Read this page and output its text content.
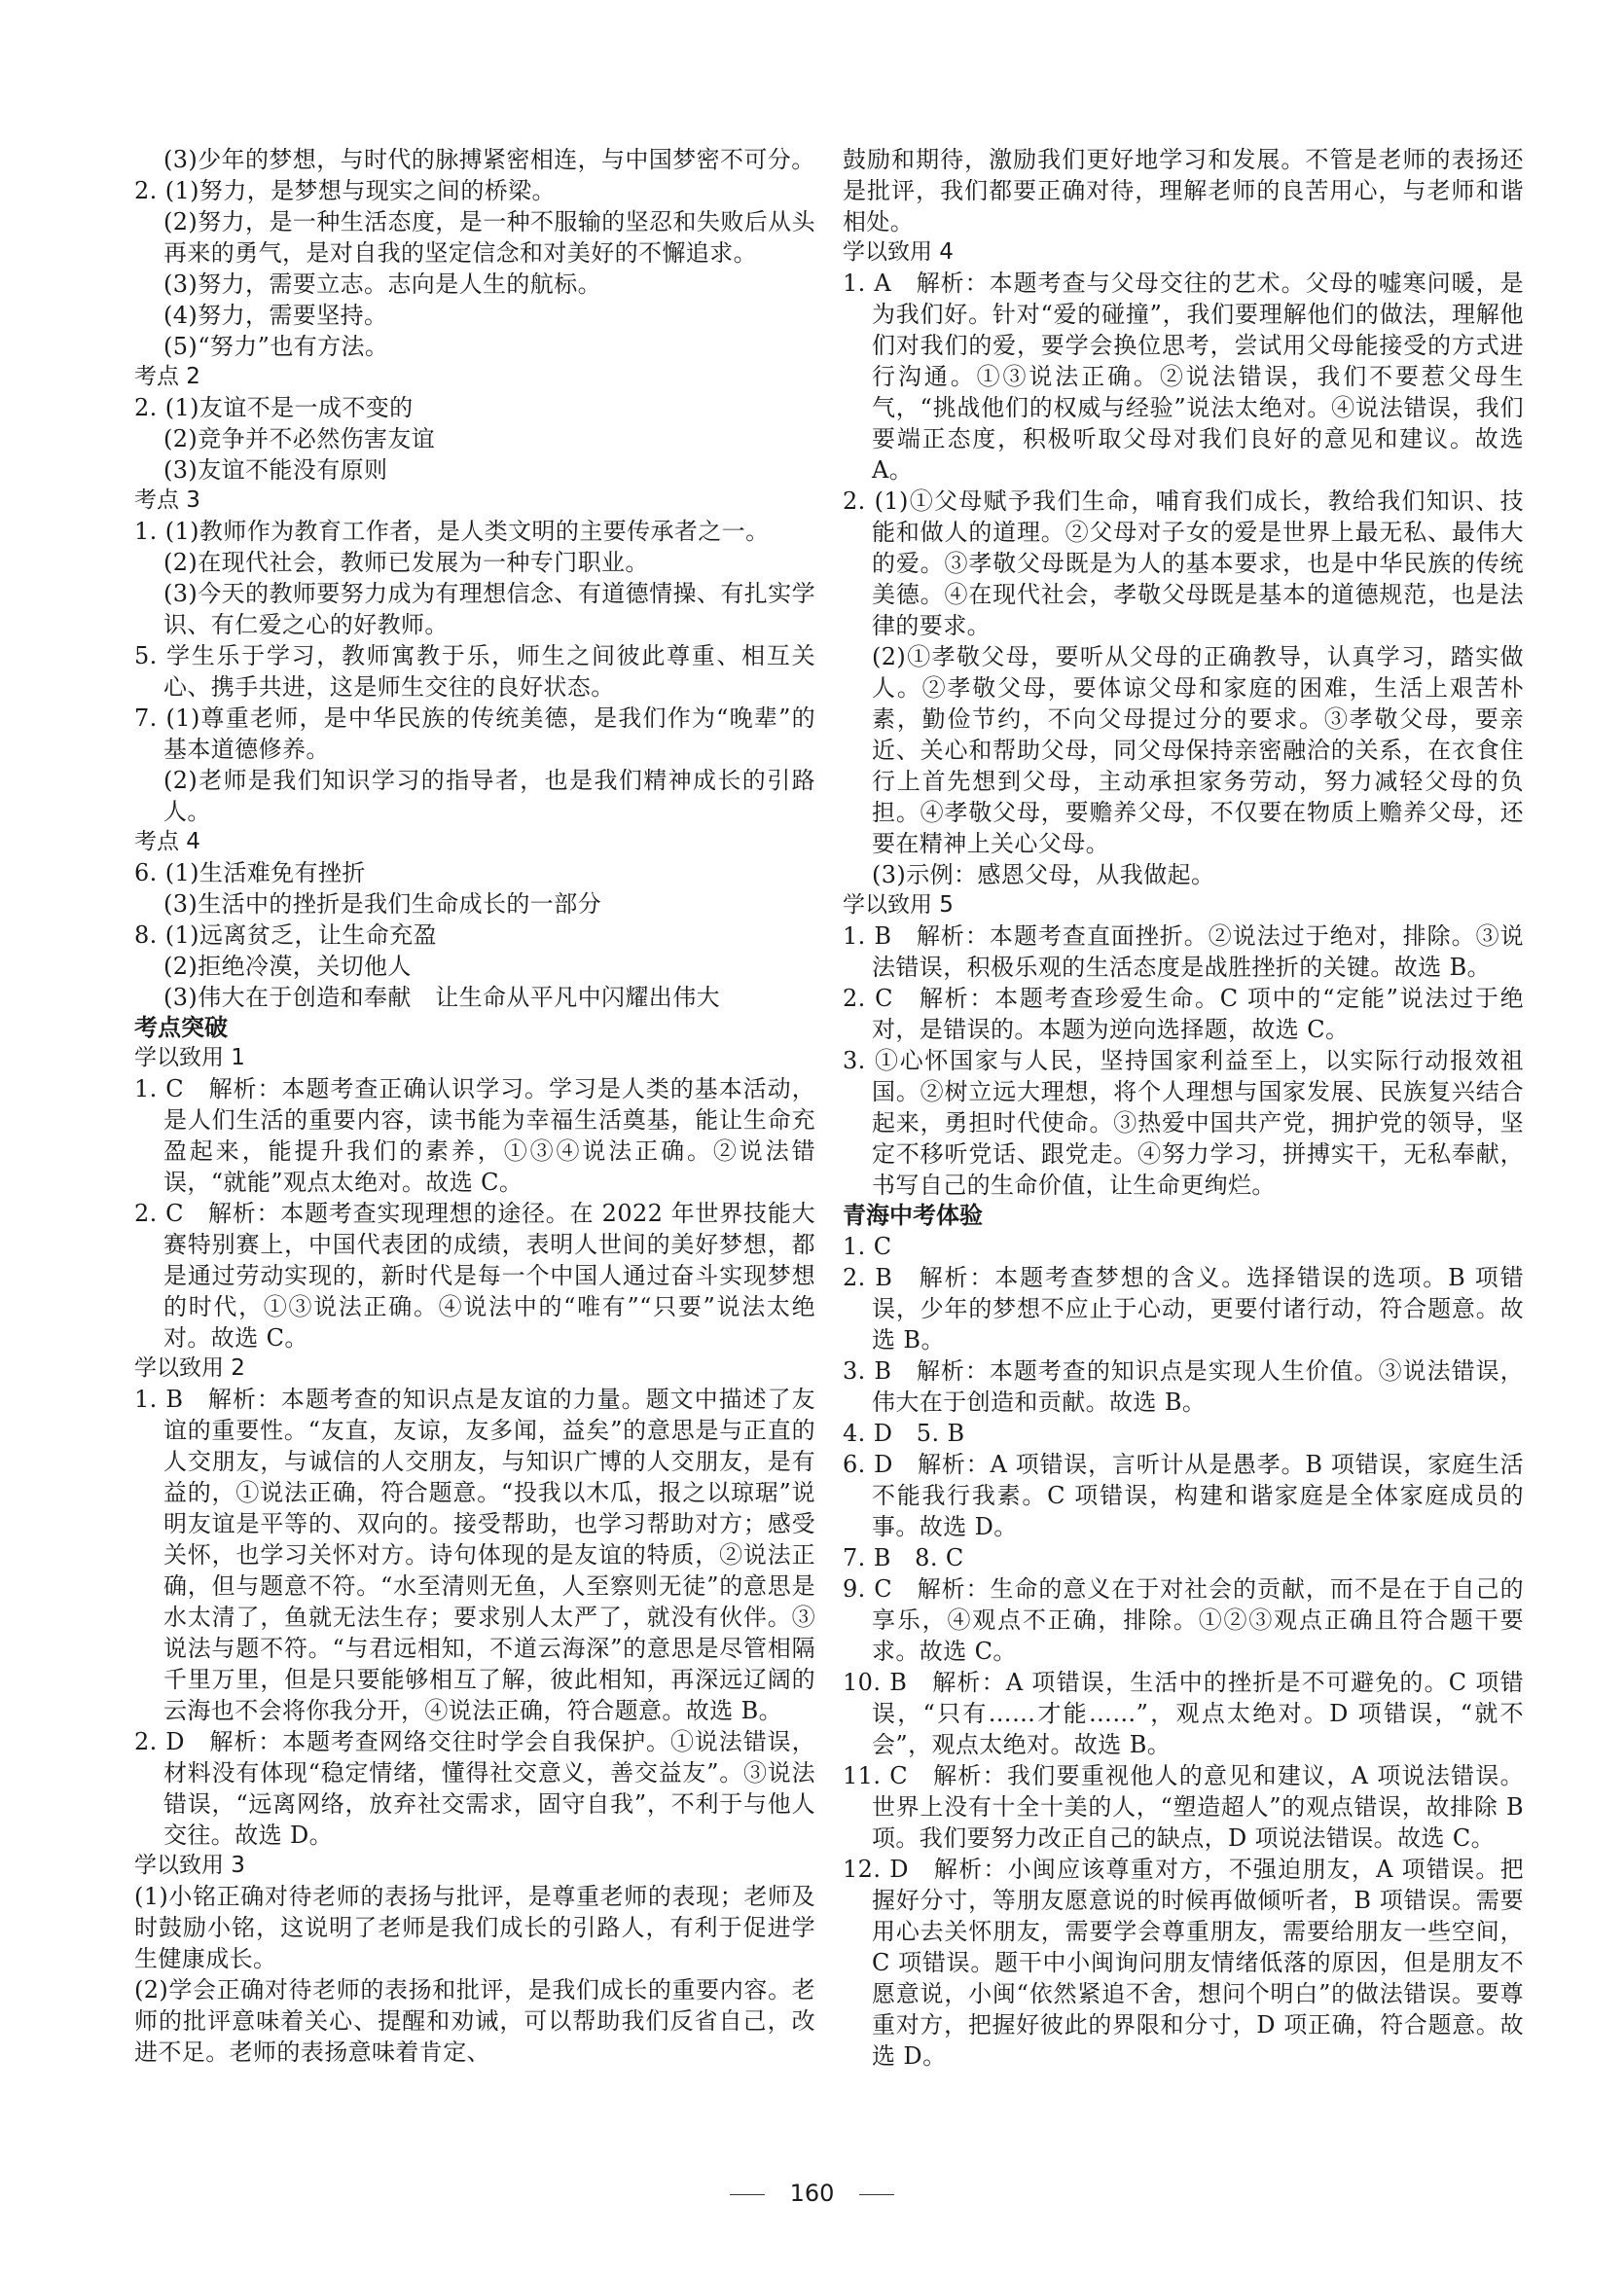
(3)少年的梦想，与时代的脉搏紧密相连，与中国梦密不可分。

2. (1)努力，是梦想与现实之间的桥梁。

(2)努力，是一种生活态度，是一种不服输的坚忍和失败后从头再来的勇气，是对自我的坚定信念和对美好的不懈追求。

(3)努力，需要立志。志向是人生的航标。

(4)努力，需要坚持。

(5)“努力”也有方法。

考点 2

2. (1)友谊不是一成不变的

(2)竞争并不必然伤害友谊

(3)友谊不能没有原则

考点 3

1. (1)教师作为教育工作者，是人类文明的主要传承者之一。

(2)在现代社会，教师已发展为一种专门职业。

(3)今天的教师要努力成为有理想信念、有道德情操、有扎实学识、有仁爱之心的好教师。

5. 学生乐于学习，教师寓教于乐，师生之间彼此尊重、相互关心、携手共进，这是师生交往的良好状态。

7. (1)尊重老师，是中华民族的传统美德，是我们作为“晚辈”的基本道德修养。

(2)老师是我们知识学习的指导者，也是我们精神成长的引路人。

考点 4

6. (1)生活难免有挫折

(3)生活中的挫折是我们生命成长的一部分

8. (1)远离贫乏，让生命充盈

(2)拒绝冷漠，关切他人

(3)伟大在于创造和奉献　让生命从平凡中闪耀出伟大

考点突破

学以致用 1

1. C　解析：本题考查正确认识学习。学习是人类的基本活动，是人们生活的重要内容，读书能为幸福生活奠基，能让生命充盈起来，能提升我们的素养，①③④说法正确。②说法错误，“就能”观点太绝对。故选 C。

2. C　解析：本题考查实现理想的途径。在 2022 年世界技能大赛特别赛上，中国代表团的成绩，表明人世间的美好梦想，都是通过劳动实现的，新时代是每一个中国人通过奋斗实现梦想的时代，①③说法正确。④说法中的“唯有”“只要”说法太绝对。故选 C。

学以致用 2

1. B　解析：本题考查的知识点是友谊的力量。题文中描述了友谊的重要性。“友直，友谅，友多闻，益矣”的意思是与正直的人交朋友，与诚信的人交朋友，与知识广博的人交朋友，是有益的，①说法正确，符合题意。“投我以木瓜，报之以琼琚”说明友谊是平等的、双向的。接受帮助，也学习帮助对方；感受关怀，也学习关怀对方。诗句体现的是友谊的特质，②说法正确，但与题意不符。“水至清则无鱼，人至察则无徒”的意思是水太清了，鱼就无法生存；要求别人太严了，就没有伙伴。③说法与题不符。“与君远相知，不道云海深”的意思是尽管相隔千里万里，但是只要能够相互了解，彼此相知，再深远辽阔的云海也不会将你我分开，④说法正确，符合题意。故选 B。

2. D　解析：本题考查网络交往时学会自我保护。①说法错误，材料没有体现“稳定情绪，懂得社交意义，善交益友”。③说法错误，“远离网络，放弃社交需求，固守自我”，不利于与他人交往。故选 D。

学以致用 3

(1)小铭正确对待老师的表扬与批评，是尊重老师的表现；老师及时鼓励小铭，这说明了老师是我们成长的引路人，有利于促进学生健康成长。

(2)学会正确对待老师的表扬和批评，是我们成长的重要内容。老师的批评意味着关心、提醒和劝诫，可以帮助我们反省自己，改进不足。老师的表扬意味着肯定、

鼓励和期待，激励我们更好地学习和发展。不管是老师的表扬还是批评，我们都要正确对待，理解老师的良苦用心，与老师和谐相处。

学以致用 4

1. A　解析：本题考查与父母交往的艺术。父母的嘘寒问暖，是为我们好。针对“爱的碰撞”，我们要理解他们的做法，理解他们对我们的爱，要学会换位思考，尝试用父母能接受的方式进行沟通。①③说法正确。②说法错误，我们不要惹父母生气，“挑战他们的权威与经验”说法太绝对。④说法错误，我们要端正态度，积极听取父母对我们良好的意见和建议。故选 A。

2. (1)①父母赋予我们生命，哺育我们成长，教给我们知识、技能和做人的道理。②父母对子女的爱是世界上最无私、最伟大的爱。③孝敬父母既是为人的基本要求，也是中华民族的传统美德。④在现代社会，孝敬父母既是基本的道德规范，也是法律的要求。

(2)①孝敬父母，要听从父母的正确教导，认真学习，踏实做人。②孝敬父母，要体谅父母和家庭的困难，生活上艰苦朴素，勤俭节约，不向父母提过分的要求。③孝敬父母，要亲近、关心和帮助父母，同父母保持亲密融洽的关系，在衣食住行上首先想到父母，主动承担家务劳动，努力减轻父母的负担。④孝敬父母，要赡养父母，不仅要在物质上赡养父母，还要在精神上关心父母。

(3)示例：感恩父母，从我做起。

学以致用 5

1. B　解析：本题考查直面挫折。②说法过于绝对，排除。③说法错误，积极乐观的生活态度是战胜挫折的关键。故选 B。

2. C　解析：本题考查珍爱生命。C 项中的“定能”说法过于绝对，是错误的。本题为逆向选择题，故选 C。

3. ①心怀国家与人民，坚持国家利益至上，以实际行动报效祖国。②树立远大理想，将个人理想与国家发展、民族复兴结合起来，勇担时代使命。③热爱中国共产党，拥护党的领导，坚定不移听党话、跟党走。④努力学习，拼搏实干，无私奉献，书写自己的生命价值，让生命更绚烂。

青海中考体验

1. C

2. B　解析：本题考查梦想的含义。选择错误的选项。B 项错误，少年的梦想不应止于心动，更要付诸行动，符合题意。故选 B。

3. B　解析：本题考查的知识点是实现人生价值。③说法错误，伟大在于创造和贡献。故选 B。

4. D　5. B

6. D　解析：A 项错误，言听计从是愚孝。B 项错误，家庭生活不能我行我素。C 项错误，构建和谐家庭是全体家庭成员的事。故选 D。

7. B　8. C

9. C　解析：生命的意义在于对社会的贡献，而不是在于自己的享乐，④观点不正确，排除。①②③观点正确且符合题干要求。故选 C。

10. B　解析：A 项错误，生活中的挫折是不可避免的。C 项错误，“只有……才能……”，观点太绝对。D 项错误，“就不会”，观点太绝对。故选 B。

11. C　解析：我们要重视他人的意见和建议，A 项说法错误。世界上没有十全十美的人，“塑造超人”的观点错误，故排除 B 项。我们要努力改正自己的缺点，D 项说法错误。故选 C。

12. D　解析：小闽应该尊重对方，不强迫朋友，A 项错误。把握好分寸，等朋友愿意说的时候再做倾听者，B 项错误。需要用心去关怀朋友，需要学会尊重朋友，需要给朋友一些空间，C 项错误。题干中小闽询问朋友情绪低落的原因，但是朋友不愿意说，小闽“依然紧追不舍，想问个明白”的做法错误。要尊重对方，把握好彼此的界限和分寸，D 项正确，符合题意。故选 D。

160
